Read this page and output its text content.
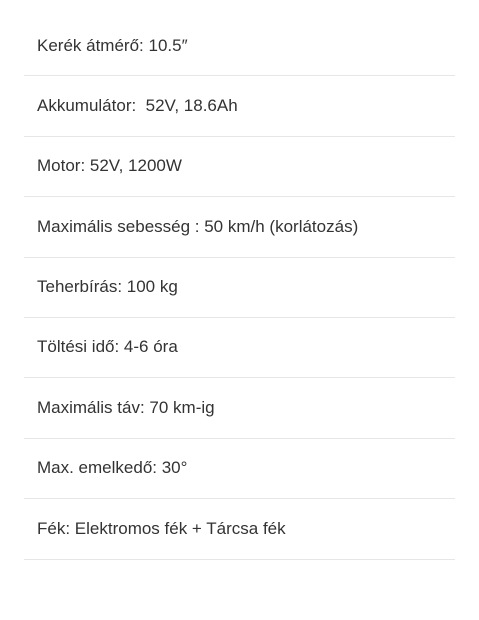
Kerék átmérő: 10.5″
Akkumulátor:  52V, 18.6Ah
Motor: 52V, 1200W
Maximális sebesség : 50 km/h (korlátozás)
Teherbírás: 100 kg
Töltési idő: 4-6 óra
Maximális táv: 70 km-ig
Max. emelkedő: 30°
Fék: Elektromos fék + Tárcsa fék
